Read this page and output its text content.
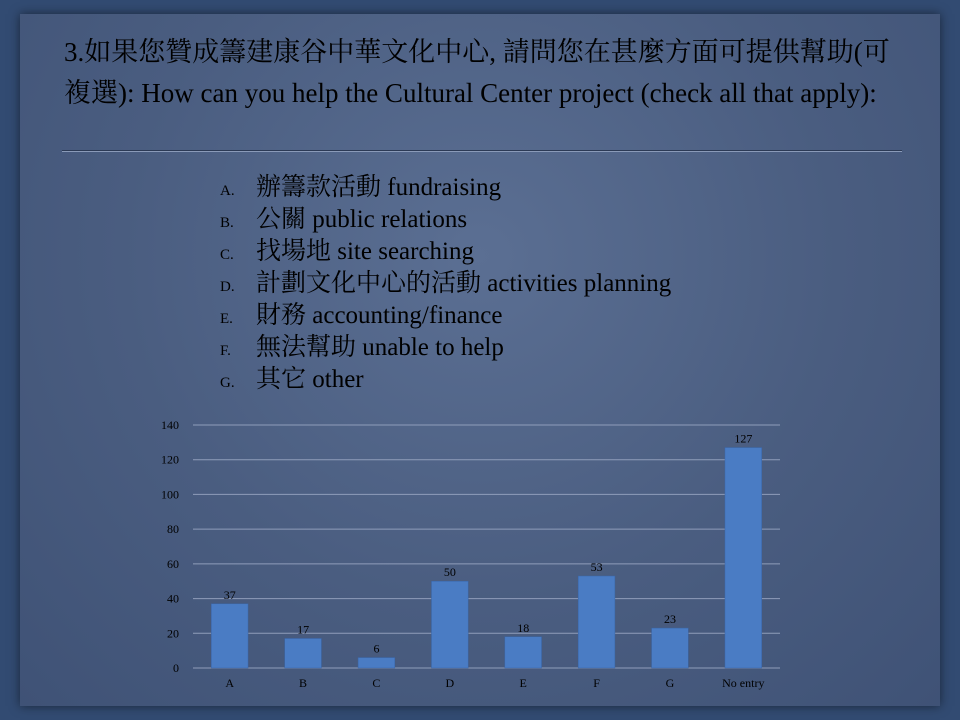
3.如果您贊成籌建康谷中華文化中心, 請問您在甚麼方面可提供幫助(可複選): How can you help the Cultural Center project (check all that apply):
A. 辦籌款活動 fundraising
B. 公關 public relations
C. 找場地 site searching
D. 計劃文化中心的活動 activities planning
E. 財務 accounting/finance
F. 無法幫助 unable to help
G. 其它 other
0
20
40
60
80
100
120
140
37
A
17
B
6
C
50
D
18
E
53
F
23
G
127
No entry
